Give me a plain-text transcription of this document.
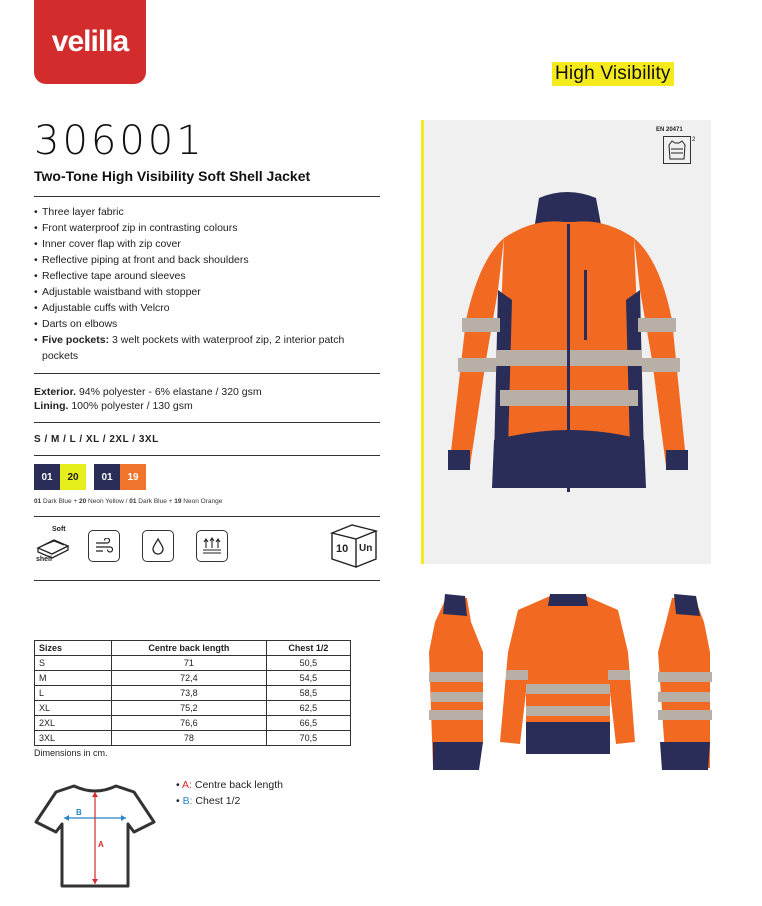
velilla
High Visibility
306001
Two-Tone High Visibility Soft Shell Jacket
• Three layer fabric
• Front waterproof zip in contrasting colours
• Inner cover flap with zip cover
• Reflective piping at front and back shoulders
• Reflective tape around sleeves
• Adjustable waistband with stopper
• Adjustable cuffs with Velcro
• Darts on elbows
• Five pockets: 3 welt pockets with waterproof zip, 2 interior patch pockets
Exterior. 94% polyester - 6% elastane / 320 gsm
Lining. 100% polyester / 130 gsm
S / M / L / XL / 2XL / 3XL
01	20	01	19
01 Dark Blue + 20 Neon Yellow / 01 Dark Blue + 19 Neon Orange
Soft
shell
10 Un
EN 20471
2
Sizes	Centre back length	Chest 1/2
S	71	50,5
M	72,4	54,5
L	73,8	58,5
XL	75,2	62,5
2XL	76,6	66,5
3XL	78	70,5
Dimensions in cm.
B
A
• A: Centre back length
• B: Chest 1/2
